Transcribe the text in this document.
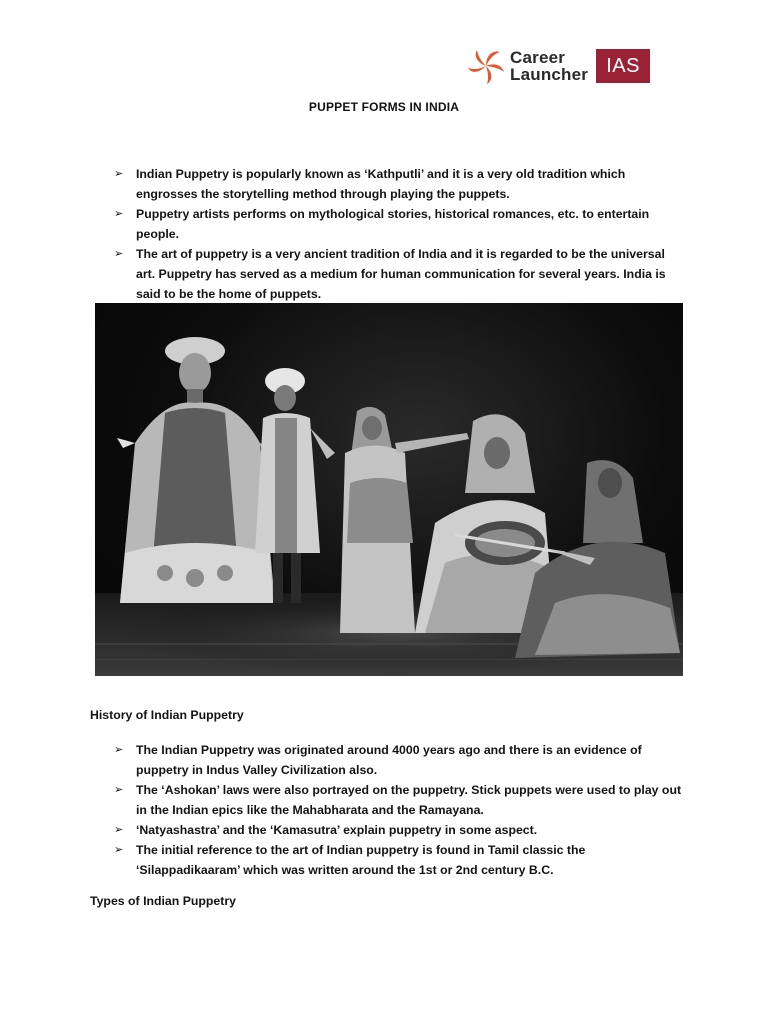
Career
Launcher IAS
PUPPET FORMS IN INDIA
➢ Indian Puppetry is popularly known as ‘Kathputli’ and it is a very old tradition which engrosses the storytelling method through playing the puppets.
➢ Puppetry artists performs on mythological stories, historical romances, etc. to entertain people.
➢ The art of puppetry is a very ancient tradition of India and it is regarded to be the universal art. Puppetry has served as a medium for human communication for several years. India is said to be the home of puppets.
History of Indian Puppetry
➢ The Indian Puppetry was originated around 4000 years ago and there is an evidence of puppetry in Indus Valley Civilization also.
➢ The ‘Ashokan’ laws were also portrayed on the puppetry. Stick puppets were used to play out in the Indian epics like the Mahabharata and the Ramayana.
➢ ‘Natyashastra’ and the ‘Kamasutra’ explain puppetry in some aspect.
➢ The initial reference to the art of Indian puppetry is found in Tamil classic the ‘Silappadikaaram’ which was written around the 1st or 2nd century B.C.
Types of Indian Puppetry
